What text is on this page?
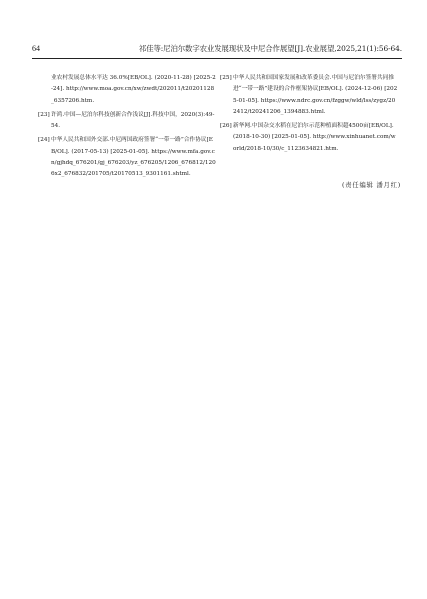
64	祁佳等:尼泊尔数字农业发展现状及中尼合作展望[J].农业展望,2025,21(1):56-64.
业农村发展总体水平达 36.0%[EB/OL]. (2020-11-28) [2025-2-24]. http://www.moa.gov.cn/xw/zwdt/202011/t20201128_6357206.htm.
[23] 许鸿.中国—尼泊尔科技创新合作浅议[J].科技中国，2020(3):49-54.
[24] 中华人民共和国外交部.中尼两国政府签署“一带一路”合作协议[EB/OL]. (2017-05-13) [2025-01-05]. https://www.mfa.gov.cn/gjhdq_676201/gj_676203/yz_676205/1206_676812/1206x2_676832/201705/t20170513_9301161.shtml.
[25] 中华人民共和国国家发展和改革委员会.中国与尼泊尔签署共同推进“一带一路”建设的合作框架协议[EB/OL]. (2024-12-06) [2025-01-05]. https://www.ndrc.gov.cn/fzggw/wld/lss/zygz/202412/t20241206_1394883.html.
[26] 新华网.中国杂交水稻在尼泊尔示范种植面积超4500亩[EB/OL]. (2018-10-30) [2025-01-05]. http://www.xinhuanet.com/world/2018-10/30/c_1123634821.htm.
(责任编辑 潘月红)
